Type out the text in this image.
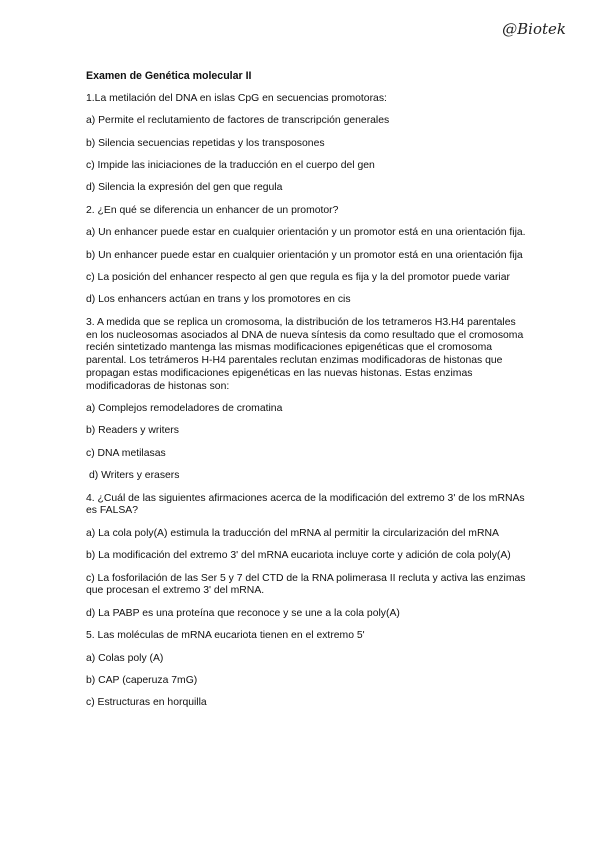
@Biotek
Examen de Genética molecular II
1.La metilación del DNA en islas CpG en secuencias promotoras:
a) Permite el reclutamiento de factores de transcripción generales
b) Silencia secuencias repetidas y los transposones
c) Impide las iniciaciones de la traducción en el cuerpo del gen
d) Silencia la expresión del gen que regula
2. ¿En qué se diferencia un enhancer de un promotor?
a) Un enhancer puede estar en cualquier orientación y un promotor está en una orientación fija.
b) Un enhancer puede estar en cualquier orientación y un promotor está en una orientación fija
c) La posición del enhancer respecto al gen que regula es fija y la del promotor puede variar
d) Los enhancers actúan en trans y los promotores en cis
3. A medida que se replica un cromosoma, la distribución de los tetrameros H3.H4 parentales en los nucleosomas asociados al DNA de nueva síntesis da como resultado que el cromosoma recién sintetizado mantenga las mismas modificaciones epigenéticas que el cromosoma parental. Los tetrámeros H-H4 parentales reclutan enzimas modificadoras de histonas que propagan estas modificaciones epigenéticas en las nuevas histonas. Estas enzimas modificadoras de histonas son:
a) Complejos remodeladores de cromatina
b) Readers y writers
c) DNA metilasas
d) Writers y erasers
4. ¿Cuál de las siguientes afirmaciones acerca de la modificación del extremo 3' de los mRNAs es FALSA?
a) La cola poly(A) estimula la traducción del mRNA al permitir la circularización del mRNA
b) La modificación del extremo 3' del mRNA eucariota incluye corte y adición de cola poly(A)
c) La fosforilación de las Ser 5 y 7 del CTD de la RNA polimerasa II recluta y activa las enzimas que procesan el extremo 3' del mRNA.
d) La PABP es una proteína que reconoce y se une a la cola poly(A)
5. Las moléculas de mRNA eucariota tienen en el extremo 5'
a) Colas poly (A)
b) CAP (caperuza 7mG)
c) Estructuras en horquilla
